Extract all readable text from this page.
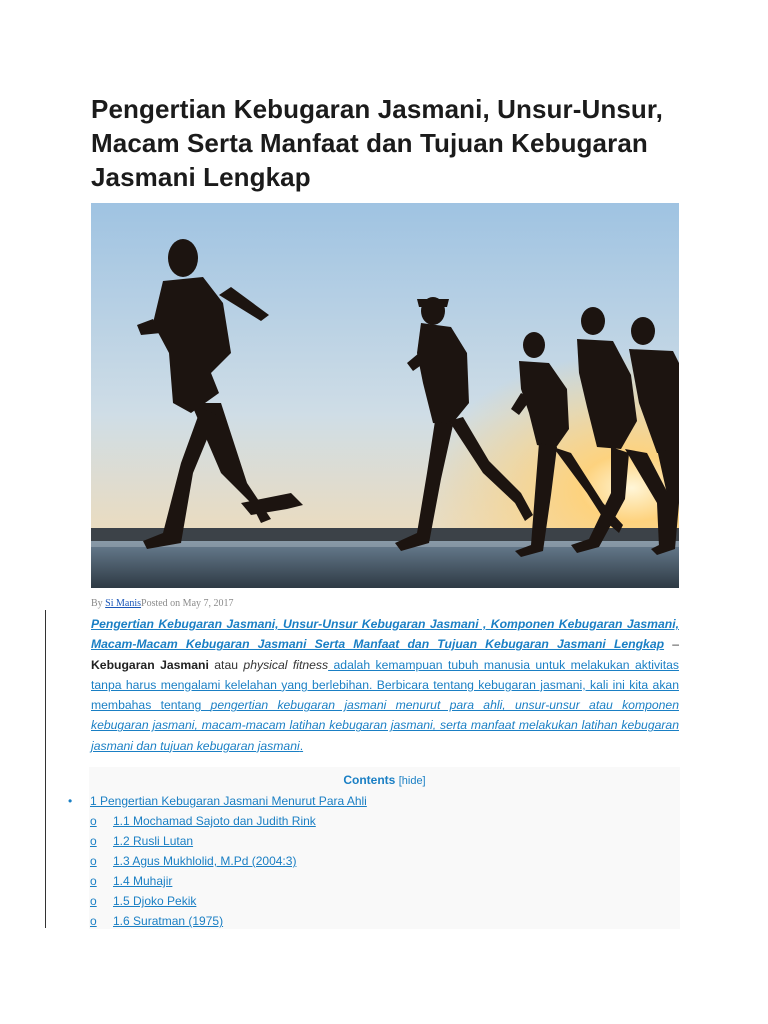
Pengertian Kebugaran Jasmani, Unsur-Unsur, Macam Serta Manfaat dan Tujuan Kebugaran Jasmani Lengkap
By Si ManisPosted on May 7, 2017
Pengertian Kebugaran Jasmani, Unsur-Unsur Kebugaran Jasmani , Komponen Kebugaran Jasmani, Macam-Macam Kebugaran Jasmani Serta Manfaat dan Tujuan Kebugaran Jasmani Lengkap – Kebugaran Jasmani atau physical fitness adalah kemampuan tubuh manusia untuk melakukan aktivitas tanpa harus mengalami kelelahan yang berlebihan. Berbicara tentang kebugaran jasmani, kali ini kita akan membahas tentang pengertian kebugaran jasmani menurut para ahli, unsur-unsur atau komponen kebugaran jasmani, macam-macam latihan kebugaran jasmani, serta manfaat melakukan latihan kebugaran jasmani dan tujuan kebugaran jasmani.
Contents [hide]
• 1 Pengertian Kebugaran Jasmani Menurut Para Ahli
o 1.1 Mochamad Sajoto dan Judith Rink
o 1.2 Rusli Lutan
o 1.3 Agus Mukhlolid, M.Pd (2004:3)
o 1.4 Muhajir
o 1.5 Djoko Pekik
o 1.6 Suratman (1975)
